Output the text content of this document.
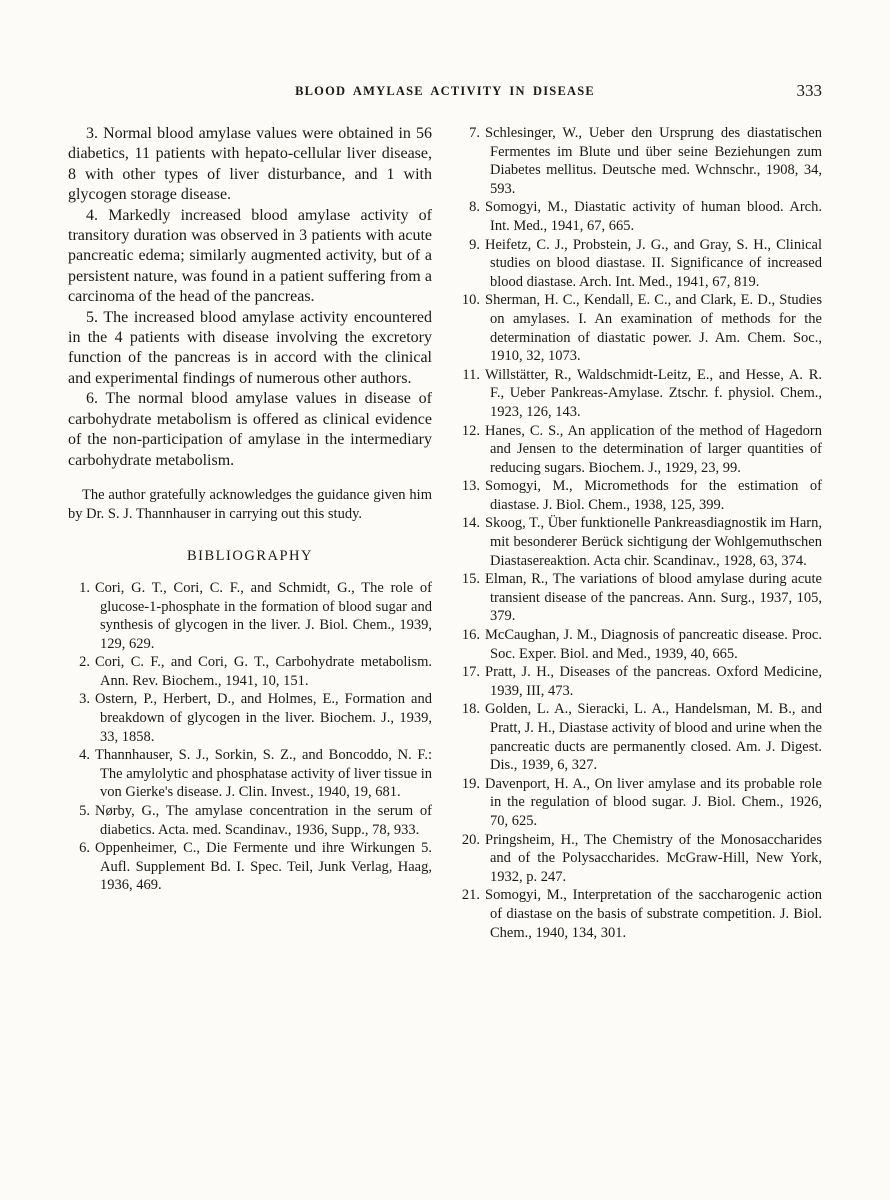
BLOOD AMYLASE ACTIVITY IN DISEASE	333

3. Normal blood amylase values were obtained in 56 diabetics, 11 patients with hepato-cellular liver disease, 8 with other types of liver disturbance, and 1 with glycogen storage disease.

4. Markedly increased blood amylase activity of transitory duration was observed in 3 patients with acute pancreatic edema; similarly augmented activity, but of a persistent nature, was found in a patient suffering from a carcinoma of the head of the pancreas.

5. The increased blood amylase activity encountered in the 4 patients with disease involving the excretory function of the pancreas is in accord with the clinical and experimental findings of numerous other authors.

6. The normal blood amylase values in disease of carbohydrate metabolism is offered as clinical evidence of the non-participation of amylase in the intermediary carbohydrate metabolism.

The author gratefully acknowledges the guidance given him by Dr. S. J. Thannhauser in carrying out this study.

BIBLIOGRAPHY

1. Cori, G. T., Cori, C. F., and Schmidt, G., The role of glucose-1-phosphate in the formation of blood sugar and synthesis of glycogen in the liver. J. Biol. Chem., 1939, 129, 629.

2. Cori, C. F., and Cori, G. T., Carbohydrate metabolism. Ann. Rev. Biochem., 1941, 10, 151.

3. Ostern, P., Herbert, D., and Holmes, E., Formation and breakdown of glycogen in the liver. Biochem. J., 1939, 33, 1858.

4. Thannhauser, S. J., Sorkin, S. Z., and Boncoddo, N. F.: The amylolytic and phosphatase activity of liver tissue in von Gierke's disease. J. Clin. Invest., 1940, 19, 681.

5. Nørby, G., The amylase concentration in the serum of diabetics. Acta. med. Scandinav., 1936, Supp., 78, 933.

6. Oppenheimer, C., Die Fermente und ihre Wirkungen 5. Aufl. Supplement Bd. I. Spec. Teil, Junk Verlag, Haag, 1936, 469.

7. Schlesinger, W., Ueber den Ursprung des diastatischen Fermentes im Blute und über seine Beziehungen zum Diabetes mellitus. Deutsche med. Wchnschr., 1908, 34, 593.

8. Somogyi, M., Diastatic activity of human blood. Arch. Int. Med., 1941, 67, 665.

9. Heifetz, C. J., Probstein, J. G., and Gray, S. H., Clinical studies on blood diastase. II. Significance of increased blood diastase. Arch. Int. Med., 1941, 67, 819.

10. Sherman, H. C., Kendall, E. C., and Clark, E. D., Studies on amylases. I. An examination of methods for the determination of diastatic power. J. Am. Chem. Soc., 1910, 32, 1073.

11. Willstätter, R., Waldschmidt-Leitz, E., and Hesse, A. R. F., Ueber Pankreas-Amylase. Ztschr. f. physiol. Chem., 1923, 126, 143.

12. Hanes, C. S., An application of the method of Hagedorn and Jensen to the determination of larger quantities of reducing sugars. Biochem. J., 1929, 23, 99.

13. Somogyi, M., Micromethods for the estimation of diastase. J. Biol. Chem., 1938, 125, 399.

14. Skoog, T., Über funktionelle Pankreasdiagnostik im Harn, mit besonderer Berück sichtigung der Wohlgemuthschen Diastasereaktion. Acta chir. Scandinav., 1928, 63, 374.

15. Elman, R., The variations of blood amylase during acute transient disease of the pancreas. Ann. Surg., 1937, 105, 379.

16. McCaughan, J. M., Diagnosis of pancreatic disease. Proc. Soc. Exper. Biol. and Med., 1939, 40, 665.

17. Pratt, J. H., Diseases of the pancreas. Oxford Medicine, 1939, III, 473.

18. Golden, L. A., Sieracki, L. A., Handelsman, M. B., and Pratt, J. H., Diastase activity of blood and urine when the pancreatic ducts are permanently closed. Am. J. Digest. Dis., 1939, 6, 327.

19. Davenport, H. A., On liver amylase and its probable role in the regulation of blood sugar. J. Biol. Chem., 1926, 70, 625.

20. Pringsheim, H., The Chemistry of the Monosaccharides and of the Polysaccharides. McGraw-Hill, New York, 1932, p. 247.

21. Somogyi, M., Interpretation of the saccharogenic action of diastase on the basis of substrate competition. J. Biol. Chem., 1940, 134, 301.
